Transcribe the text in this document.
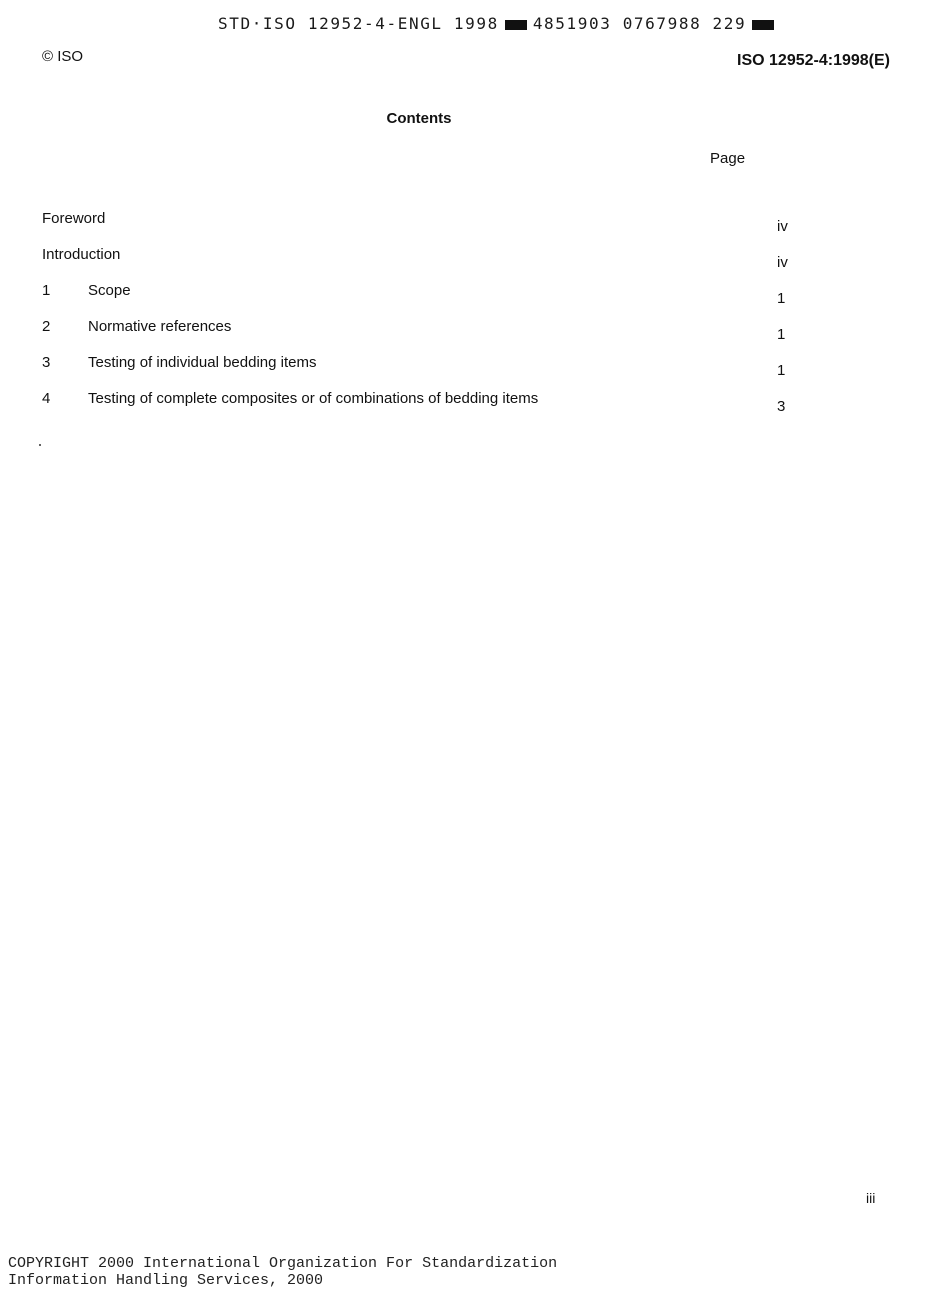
STD·ISO 12952-4-ENGL 1998 4851903 0767988 229
© ISO	ISO 12952-4:1998(E)
Contents
Page
Foreword	iv
Introduction	iv
1	Scope	1
2	Normative references	1
3	Testing of individual bedding items	1
4	Testing of complete composites or of combinations of bedding items	3
iii
COPYRIGHT 2000 International Organization For Standardization
Information Handling Services, 2000
